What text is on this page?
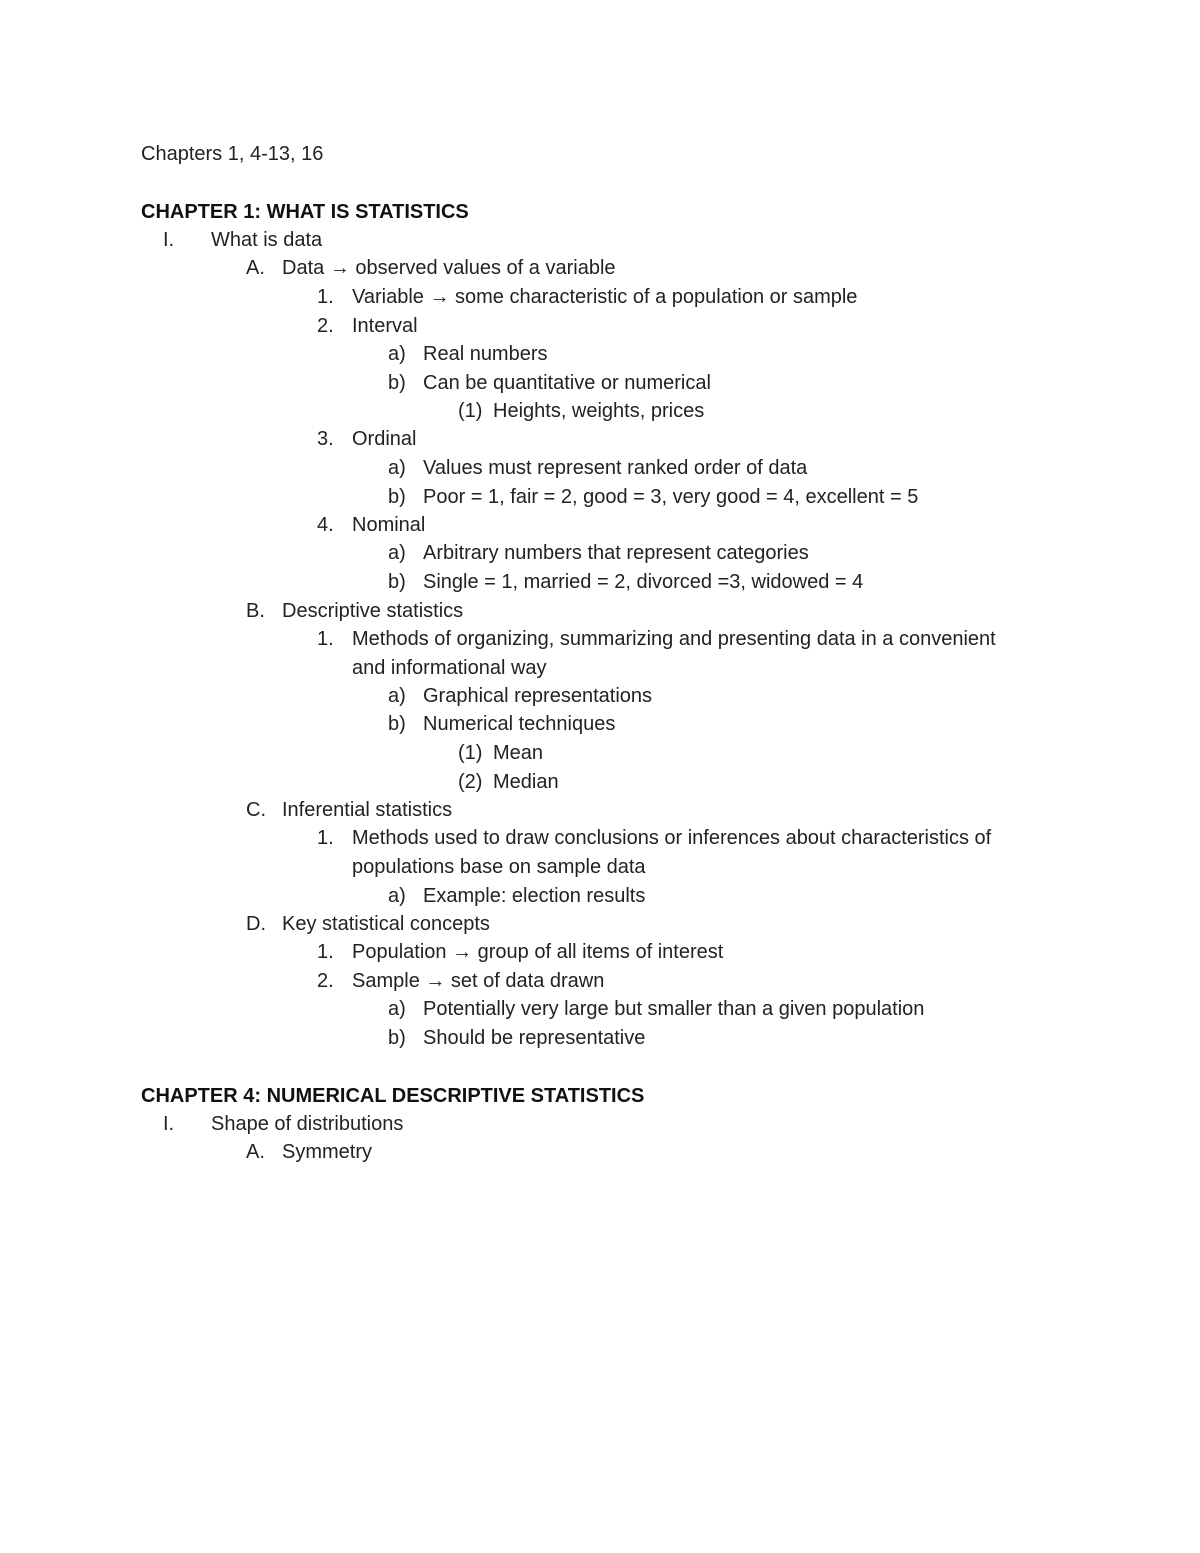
Chapters 1, 4-13, 16
CHAPTER 1: WHAT IS STATISTICS
I. What is data
A. Data → observed values of a variable
1. Variable → some characteristic of a population or sample
2. Interval
a) Real numbers
b) Can be quantitative or numerical
(1) Heights, weights, prices
3. Ordinal
a) Values must represent ranked order of data
b) Poor = 1, fair = 2, good = 3, very good = 4, excellent = 5
4. Nominal
a) Arbitrary numbers that represent categories
b) Single = 1, married = 2, divorced =3, widowed = 4
B. Descriptive statistics
1. Methods of organizing, summarizing and presenting data in a convenient
and informational way
a) Graphical representations
b) Numerical techniques
(1) Mean
(2) Median
C. Inferential statistics
1. Methods used to draw conclusions or inferences about characteristics of
populations base on sample data
a) Example: election results
D. Key statistical concepts
1. Population → group of all items of interest
2. Sample → set of data drawn
a) Potentially very large but smaller than a given population
b) Should be representative
CHAPTER 4: NUMERICAL DESCRIPTIVE STATISTICS
I. Shape of distributions
A. Symmetry
